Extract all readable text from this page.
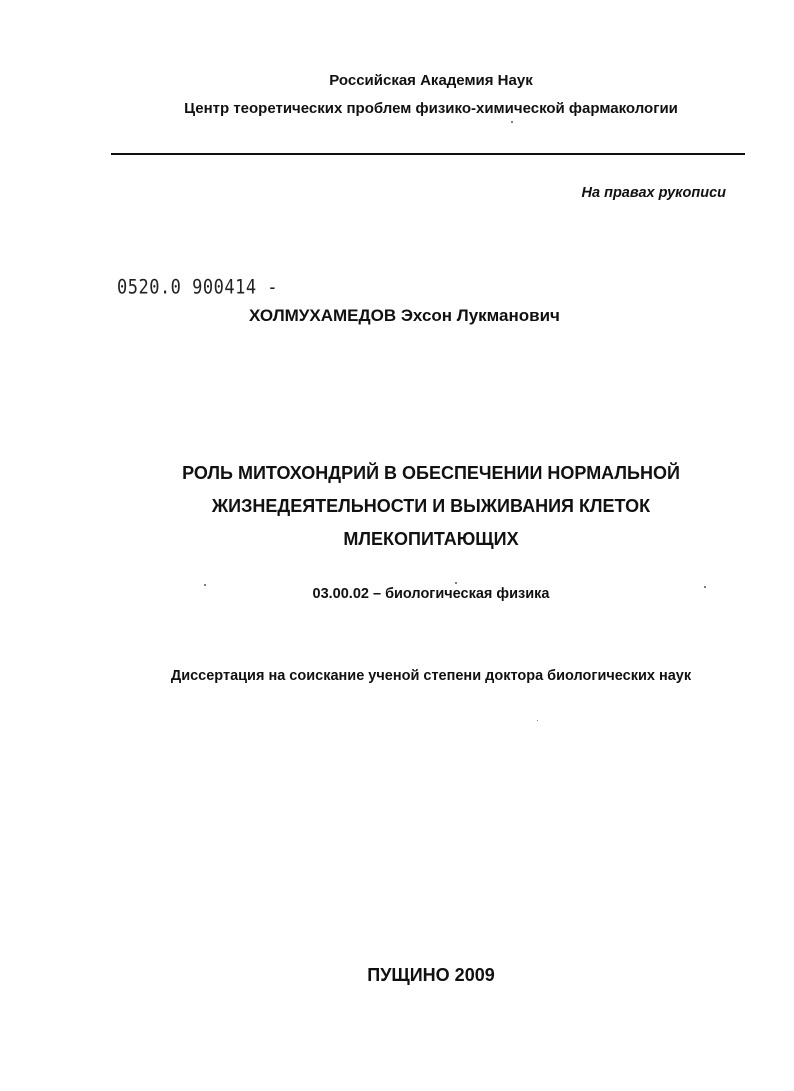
Российская Академия Наук
Центр теоретических проблем физико-химической фармакологии
На правах рукописи
0520.0 900414 -
ХОЛМУХАМЕДОВ Эхсон Лукманович
РОЛЬ МИТОХОНДРИЙ В ОБЕСПЕЧЕНИИ НОРМАЛЬНОЙ
ЖИЗНЕДЕЯТЕЛЬНОСТИ И ВЫЖИВАНИЯ КЛЕТОК
МЛЕКОПИТАЮЩИХ
03.00.02 – биологическая физика
Диссертация на соискание ученой степени доктора биологических наук
ПУЩИНО 2009
